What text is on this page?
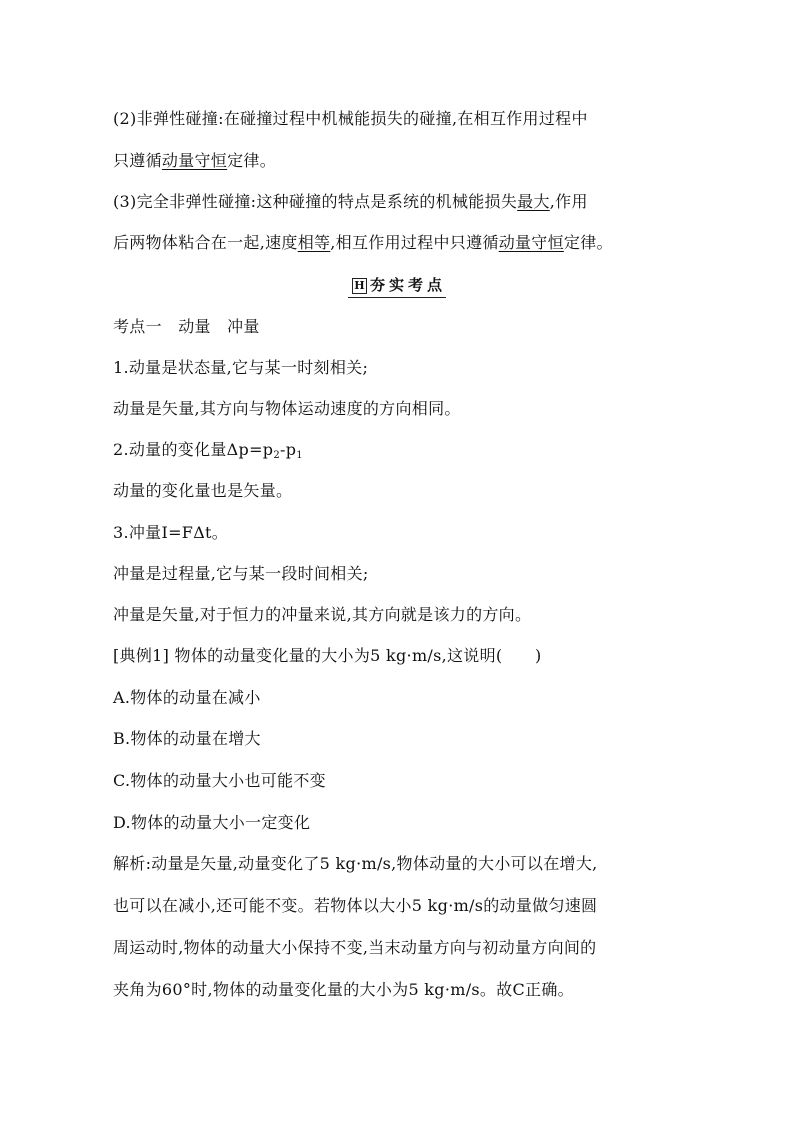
(2)非弹性碰撞:在碰撞过程中机械能损失的碰撞,在相互作用过程中
只遵循动量守恒定律。
(3)完全非弹性碰撞:这种碰撞的特点是系统的机械能损失最大,作用
后两物体粘合在一起,速度相等,相互作用过程中只遵循动量守恒定律。
H 夯实考点
考点一　动量　冲量
1.动量是状态量,它与某一时刻相关;
动量是矢量,其方向与物体运动速度的方向相同。
2.动量的变化量$\Delta p=p_2-p_1$
动量的变化量也是矢量。
3.冲量I=FΔt。
冲量是过程量,它与某一段时间相关;
冲量是矢量,对于恒力的冲量来说,其方向就是该力的方向。
[典例1] 物体的动量变化量的大小为5 kg·m/s,这说明(　　)
A.物体的动量在减小
B.物体的动量在增大
C.物体的动量大小也可能不变
D.物体的动量大小一定变化
解析:动量是矢量,动量变化了5 kg·m/s,物体动量的大小可以在增大,
也可以在减小,还可能不变。若物体以大小5 kg·m/s的动量做匀速圆
周运动时,物体的动量大小保持不变,当末动量方向与初动量方向间的
夹角为60°时,物体的动量变化量的大小为5 kg·m/s。故C正确。
